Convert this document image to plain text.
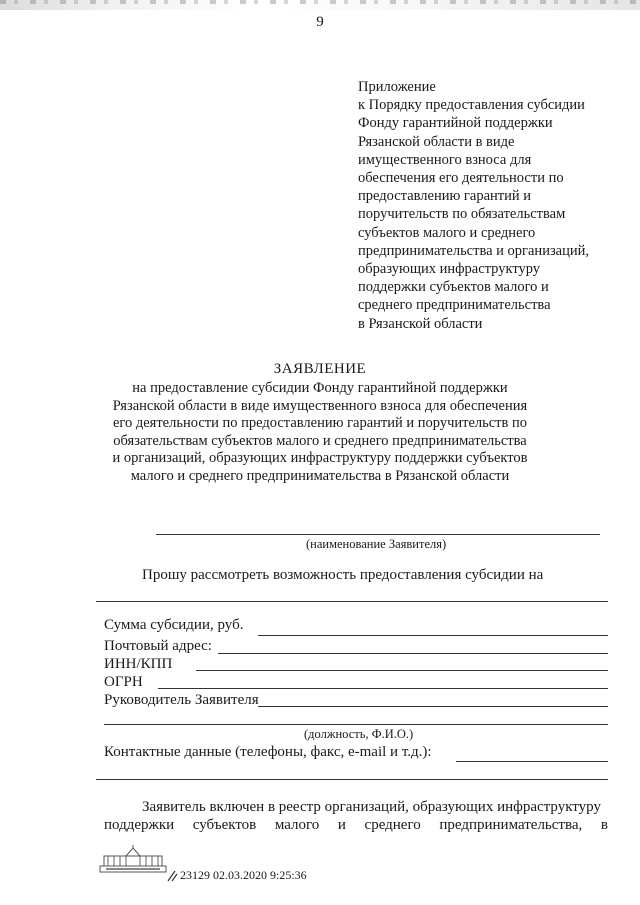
9
Приложение
к Порядку предоставления субсидии
Фонду гарантийной поддержки
Рязанской области в виде
имущественного взноса для
обеспечения его деятельности по
предоставлению гарантий и
поручительств по обязательствам
субъектов малого и среднего
предпринимательства и организаций,
образующих инфраструктуру
поддержки субъектов малого и
среднего предпринимательства
в Рязанской области
ЗАЯВЛЕНИЕ
на предоставление субсидии Фонду гарантийной поддержки
Рязанской области в виде имущественного взноса для обеспечения
его деятельности по предоставлению гарантий и поручительств по
обязательствам субъектов малого и среднего предпринимательства
и организаций, образующих инфраструктуру поддержки субъектов
малого и среднего предпринимательства в Рязанской области
(наименование Заявителя)
Прошу рассмотреть возможность предоставления субсидии на
Сумма субсидии, руб.
Почтовый адрес:
ИНН/КПП
ОГРН
Руководитель Заявителя
(должность, Ф.И.О.)
Контактные данные (телефоны, факс, e-mail и т.д.):
Заявитель включен в реестр организаций, образующих инфраструктуру
поддержки субъектов малого и среднего предпринимательства, в
23129 02.03.2020 9:25:36
